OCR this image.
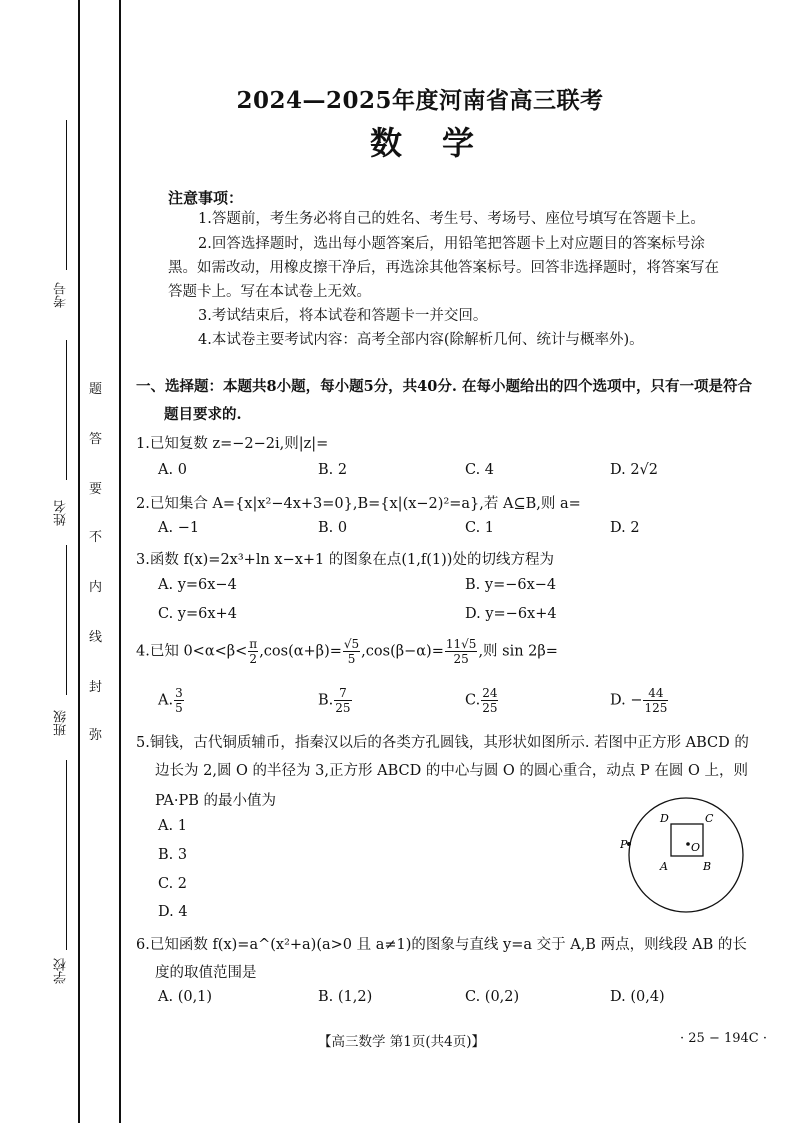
考号
姓名
班级
学校
题
答
要
不
内
线
封
弥
2024—2025年度河南省高三联考
数学
注意事项：
1.答题前，考生务必将自己的姓名、考生号、考场号、座位号填写在答题卡上。
2.回答选择题时，选出每小题答案后，用铅笔把答题卡上对应题目的答案标号涂
黑。如需改动，用橡皮擦干净后，再选涂其他答案标号。回答非选择题时，将答案写在
答题卡上。写在本试卷上无效。
3.考试结束后，将本试卷和答题卡一并交回。
4.本试卷主要考试内容：高考全部内容(除解析几何、统计与概率外)。
一、选择题：本题共8小题，每小题5分，共40分. 在每小题给出的四个选项中，只有一项是符合
题目要求的.
1.已知复数 z=−2−2i,则|z|=
A. 0	B. 2	C. 4	D. 2√2
2.已知集合 A={x|x²−4x+3=0},B={x|(x−2)²=a},若 A⊆B,则 a=
A. −1	B. 0	C. 1	D. 2
3.函数 f(x)=2x³+ln x−x+1 的图象在点(1,f(1))处的切线方程为
A. y=6x−4	B. y=−6x−4
C. y=6x+4	D. y=−6x+4
4.已知 $0<\alpha<\beta< \frac{\pi}{2} ,\cos(\alpha+\beta)= \frac{√5}{5} ,\cos(\beta-\alpha)= \frac{11√5}{25}$ ,则 sin 2β=
A. $\frac{3}{5}$	B. $\frac{7}{25}$	C. $\frac{24}{25}$	D. − $\frac{44}{125}$
5.铜钱，古代铜质辅币，指秦汉以后的各类方孔圆钱，其形状如图所示. 若图中正方形 ABCD 的
边长为 2,圆 O 的半径为 3,正方形 ABCD 的中心与圆 O 的圆心重合，动点 P 在圆 O 上，则
PA·PB 的最小值为
A. 1
B. 3
C. 2
D. 4
P
D	C
O
A	B
6.已知函数 f(x)=a^(x²+a)(a>0 且 a≠1)的图象与直线 y=a 交于 A,B 两点，则线段 AB 的长
度的取值范围是
A. (0,1)	B. (1,2)	C. (0,2)	D. (0,4)
【高三数学 第1页(共4页)】	· 25 − 194C ·
